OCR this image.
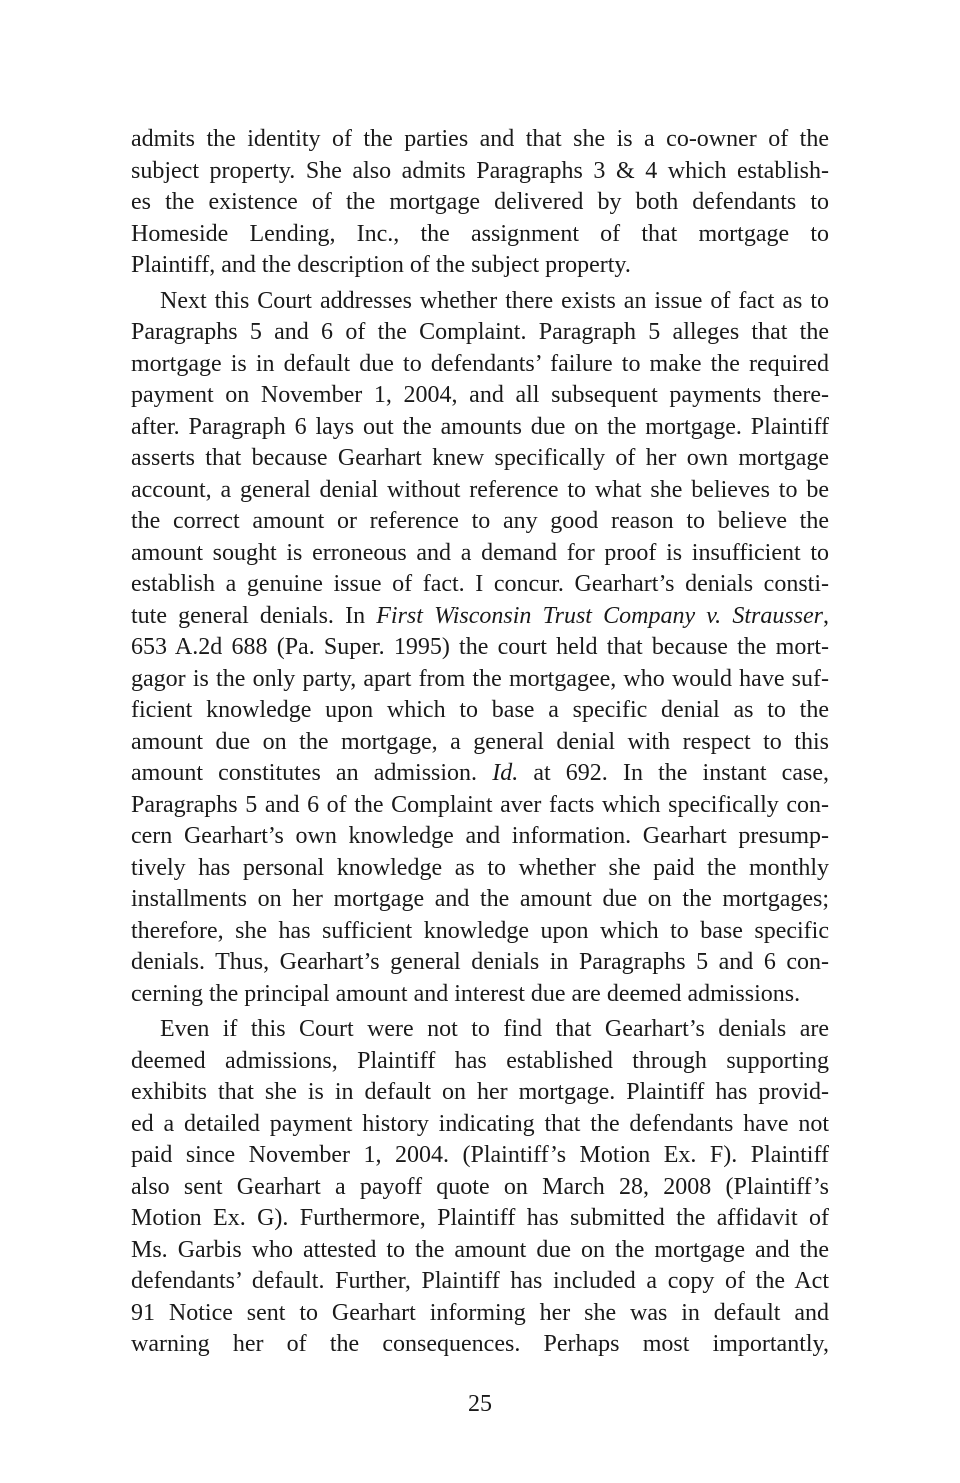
admits the identity of the parties and that she is a co-owner of the
subject property. She also admits Paragraphs 3 & 4 which establish-
es the existence of the mortgage delivered by both defendants to
Homeside Lending, Inc., the assignment of that mortgage to
Plaintiff, and the description of the subject property.
Next this Court addresses whether there exists an issue of fact as to
Paragraphs 5 and 6 of the Complaint. Paragraph 5 alleges that the
mortgage is in default due to defendants’ failure to make the required
payment on November 1, 2004, and all subsequent payments there-
after. Paragraph 6 lays out the amounts due on the mortgage. Plaintiff
asserts that because Gearhart knew specifically of her own mortgage
account, a general denial without reference to what she believes to be
the correct amount or reference to any good reason to believe the
amount sought is erroneous and a demand for proof is insufficient to
establish a genuine issue of fact. I concur. Gearhart’s denials consti-
tute general denials. In First Wisconsin Trust Company v. Strausser,
653 A.2d 688 (Pa. Super. 1995) the court held that because the mort-
gagor is the only party, apart from the mortgagee, who would have suf-
ficient knowledge upon which to base a specific denial as to the
amount due on the mortgage, a general denial with respect to this
amount constitutes an admission. Id. at 692. In the instant case,
Paragraphs 5 and 6 of the Complaint aver facts which specifically con-
cern Gearhart’s own knowledge and information. Gearhart presump-
tively has personal knowledge as to whether she paid the monthly
installments on her mortgage and the amount due on the mortgages;
therefore, she has sufficient knowledge upon which to base specific
denials. Thus, Gearhart’s general denials in Paragraphs 5 and 6 con-
cerning the principal amount and interest due are deemed admissions.
Even if this Court were not to find that Gearhart’s denials are
deemed admissions, Plaintiff has established through supporting
exhibits that she is in default on her mortgage. Plaintiff has provid-
ed a detailed payment history indicating that the defendants have not
paid since November 1, 2004. (Plaintiff’s Motion Ex. F). Plaintiff
also sent Gearhart a payoff quote on March 28, 2008 (Plaintiff’s
Motion Ex. G). Furthermore, Plaintiff has submitted the affidavit of
Ms. Garbis who attested to the amount due on the mortgage and the
defendants’ default. Further, Plaintiff has included a copy of the Act
91 Notice sent to Gearhart informing her she was in default and
warning her of the consequences. Perhaps most importantly,
25
